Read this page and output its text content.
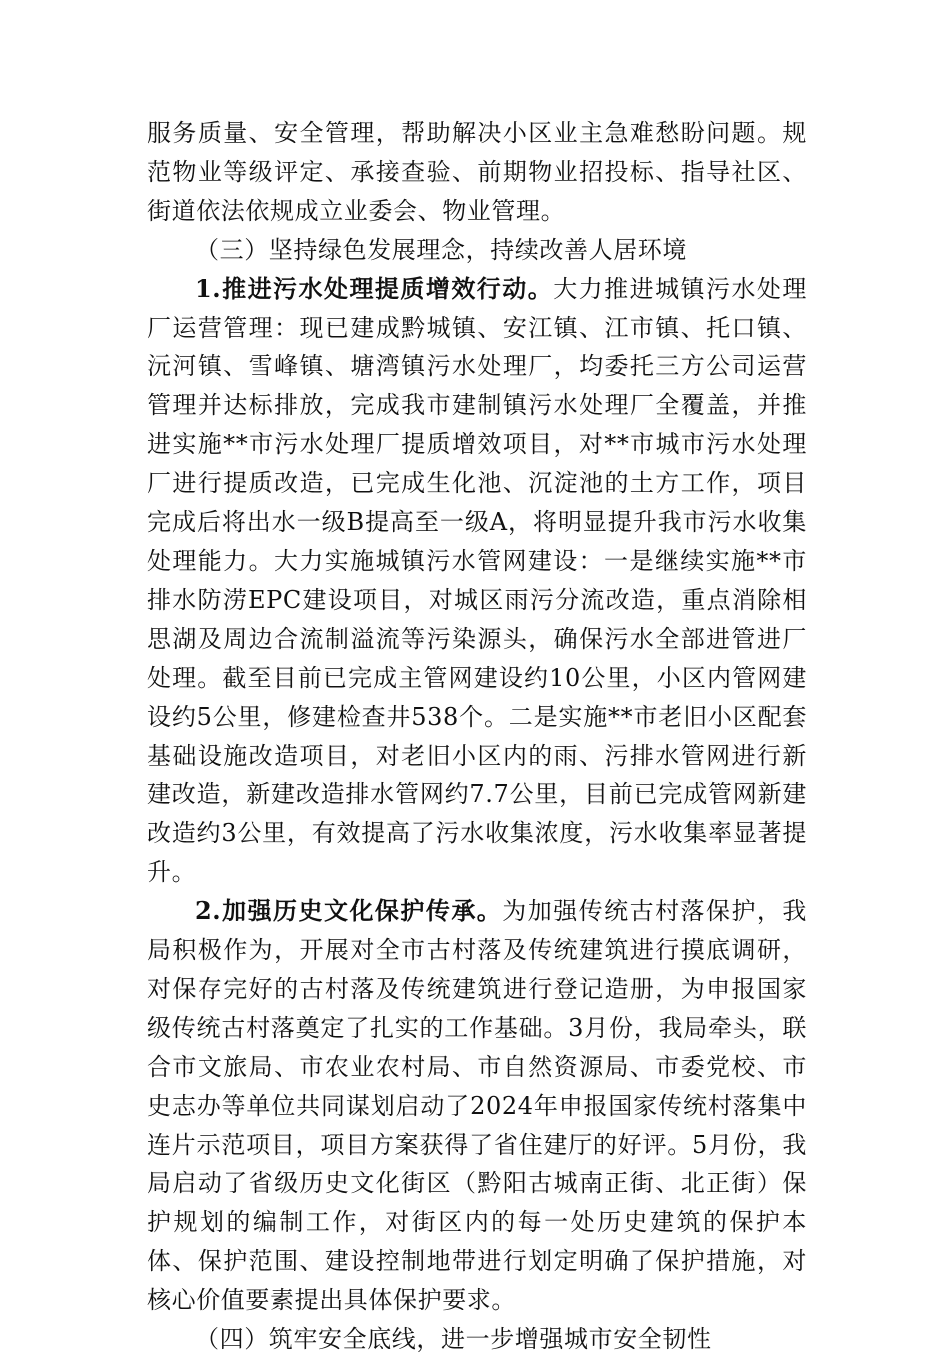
服务质量、安全管理，帮助解决小区业主急难愁盼问题。规范物业等级评定、承接查验、前期物业招投标、指导社区、街道依法依规成立业委会、物业管理。

（三）坚持绿色发展理念，持续改善人居环境

1.推进污水处理提质增效行动。大力推进城镇污水处理厂运营管理：现已建成黔城镇、安江镇、江市镇、托口镇、沅河镇、雪峰镇、塘湾镇污水处理厂，均委托三方公司运营管理并达标排放，完成我市建制镇污水处理厂全覆盖，并推进实施**市污水处理厂提质增效项目，对**市城市污水处理厂进行提质改造，已完成生化池、沉淀池的土方工作，项目完成后将出水一级B提高至一级A，将明显提升我市污水收集处理能力。大力实施城镇污水管网建设：一是继续实施**市排水防涝EPC建设项目，对城区雨污分流改造，重点消除相思湖及周边合流制溢流等污染源头，确保污水全部进管进厂处理。截至目前已完成主管网建设约10公里，小区内管网建设约5公里，修建检查井538个。二是实施**市老旧小区配套基础设施改造项目，对老旧小区内的雨、污排水管网进行新建改造，新建改造排水管网约7.7公里，目前已完成管网新建改造约3公里，有效提高了污水收集浓度，污水收集率显著提升。

2.加强历史文化保护传承。为加强传统古村落保护，我局积极作为，开展对全市古村落及传统建筑进行摸底调研，对保存完好的古村落及传统建筑进行登记造册，为申报国家级传统古村落奠定了扎实的工作基础。3月份，我局牵头，联合市文旅局、市农业农村局、市自然资源局、市委党校、市史志办等单位共同谋划启动了2024年申报国家传统村落集中连片示范项目，项目方案获得了省住建厅的好评。5月份，我局启动了省级历史文化街区（黔阳古城南正街、北正街）保护规划的编制工作，对街区内的每一处历史建筑的保护本体、保护范围、建设控制地带进行划定明确了保护措施，对核心价值要素提出具体保护要求。

（四）筑牢安全底线，进一步增强城市安全韧性
